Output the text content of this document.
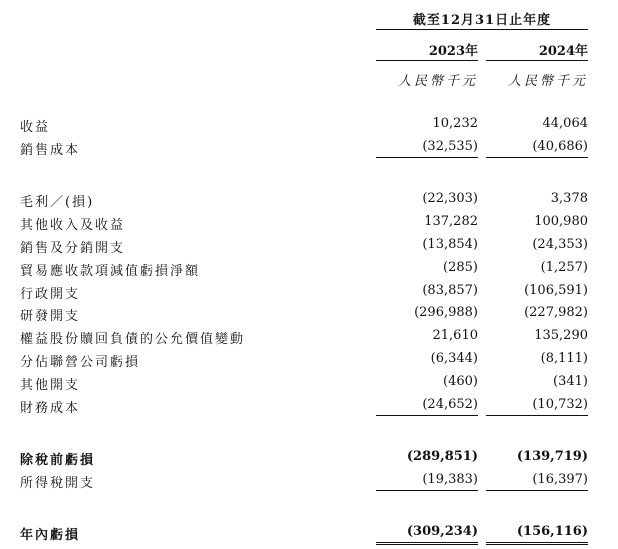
截至12月31日止年度
2023年	2024年
人民幣千元	人民幣千元
收益	10,232	44,064
銷售成本	(32,535)	(40,686)
毛利／(損)	(22,303)	3,378
其他收入及收益	137,282	100,980
銷售及分銷開支	(13,854)	(24,353)
貿易應收款項減值虧損淨額	(285)	(1,257)
行政開支	(83,857)	(106,591)
研發開支	(296,988)	(227,982)
權益股份贖回負債的公允價值變動	21,610	135,290
分佔聯營公司虧損	(6,344)	(8,111)
其他開支	(460)	(341)
財務成本	(24,652)	(10,732)
除稅前虧損	(289,851)	(139,719)
所得稅開支	(19,383)	(16,397)
年內虧損	(309,234)	(156,116)
